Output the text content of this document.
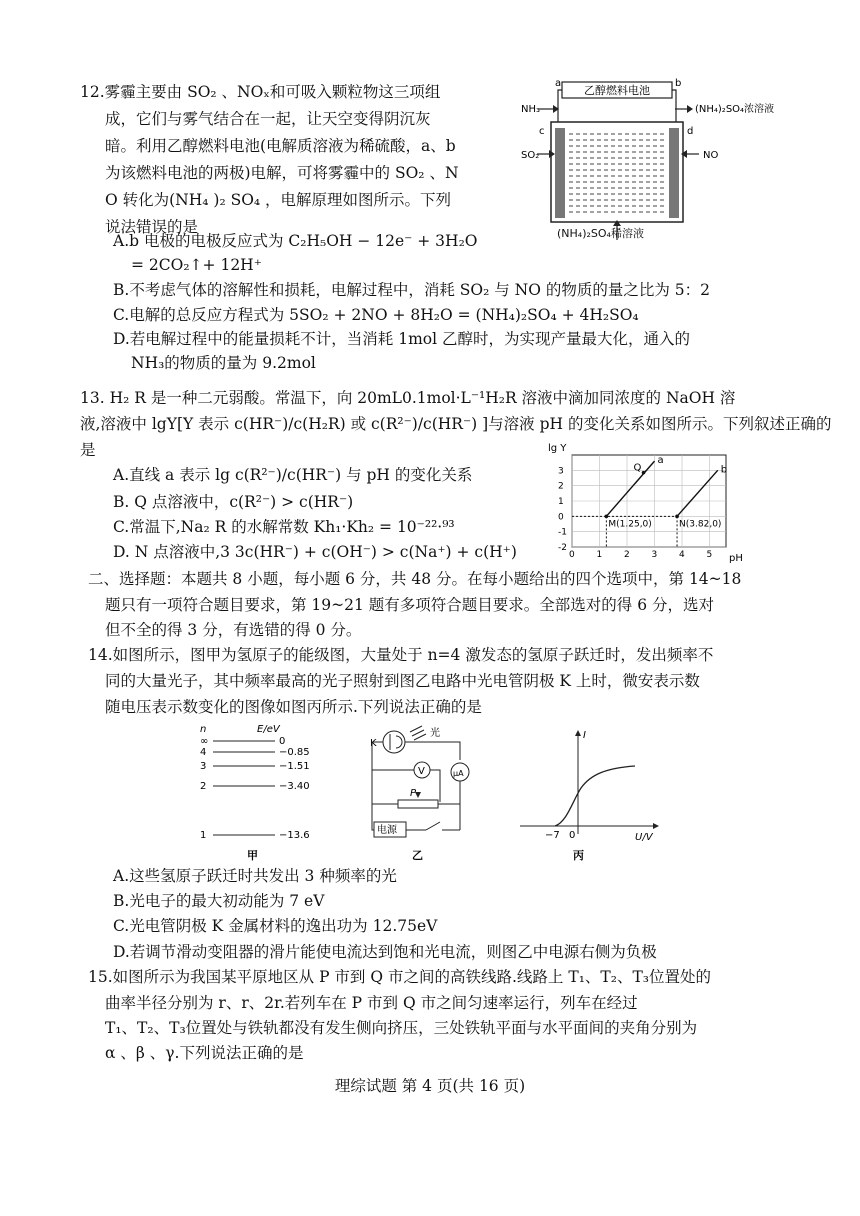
12.雾霾主要由 SO₂ 、NOₓ和可吸入颗粒物这三项组
成，它们与雾气结合在一起，让天空变得阴沉灰
暗。利用乙醇燃料电池(电解质溶液为稀硫酸，a、b
为该燃料电池的两极)电解，可将雾霾中的 SO₂ 、N
O 转化为(NH₄ )₂ SO₄ ，电解原理如图所示。下列
说法错误的是
A.b 电极的电极反应式为 C₂H₅OH − 12e⁻ + 3H₂O
= 2CO₂↑+ 12H⁺
B.不考虑气体的溶解性和损耗，电解过程中，消耗 SO₂ 与 NO 的物质的量之比为 5：2
C.电解的总反应方程式为 5SO₂ + 2NO + 8H₂O = (NH₄)₂SO₄ + 4H₂SO₄
D.若电解过程中的能量损耗不计，当消耗 1mol 乙醇时，为实现产量最大化，通入的
NH₃的物质的量为 9.2mol
乙醇燃料电池
a	b
NH₃	(NH₄)₂SO₄浓溶液
c	d
SO₂	NO
(NH₄)₂SO₄稀溶液
13. H₂ R 是一种二元弱酸。常温下，向 20mL0.1mol·L⁻¹H₂R 溶液中滴加同浓度的 NaOH 溶
液,溶液中 lgY[Y 表示 c(HR⁻)/c(H₂R) 或 c(R²⁻)/c(HR⁻) ]与溶液 pH 的变化关系如图所示。下列叙述正确的
是
A.直线 a 表示 lg c(R²⁻)/c(HR⁻) 与 pH 的变化关系
B. Q 点溶液中，c(R²⁻) > c(HR⁻)
C.常温下,Na₂ R 的水解常数 Kh₁·Kh₂ = 10⁻²²·⁹³
D. N 点溶液中,3 3c(HR⁻) + c(OH⁻) > c(Na⁺) + c(H⁺)
lg Y
pH
0 1 2 3 4 5
-2
-1
0
1
2
3
a
b
Q
M(1.25,0)	N(3.82,0)
二、选择题：本题共 8 小题，每小题 6 分，共 48 分。在每小题给出的四个选项中，第 14~18
题只有一项符合题目要求，第 19~21 题有多项符合题目要求。全部选对的得 6 分，选对
但不全的得 3 分，有选错的得 0 分。
14.如图所示，图甲为氢原子的能级图，大量处于 n=4 激发态的氢原子跃迁时，发出频率不
同的大量光子，其中频率最高的光子照射到图乙电路中光电管阴极 K 上时，微安表示数
随电压表示数变化的图像如图丙所示.下列说法正确的是
n	E/eV
∞	0
4	−0.85
3	−1.51
2	−3.40
1	−13.6
甲
K
光
μA
V
P
电源
乙
I
U/V
−7 0
丙
A.这些氢原子跃迁时共发出 3 种频率的光
B.光电子的最大初动能为 7 eV
C.光电管阴极 K 金属材料的逸出功为 12.75eV
D.若调节滑动变阻器的滑片能使电流达到饱和光电流，则图乙中电源右侧为负极
15.如图所示为我国某平原地区从 P 市到 Q 市之间的高铁线路.线路上 T₁、T₂、T₃位置处的
曲率半径分别为 r、r、2r.若列车在 P 市到 Q 市之间匀速率运行，列车在经过
T₁、T₂、T₃位置处与铁轨都没有发生侧向挤压，三处铁轨平面与水平面间的夹角分别为
α 、β 、γ.下列说法正确的是
理综试题 第 4 页(共 16 页)
